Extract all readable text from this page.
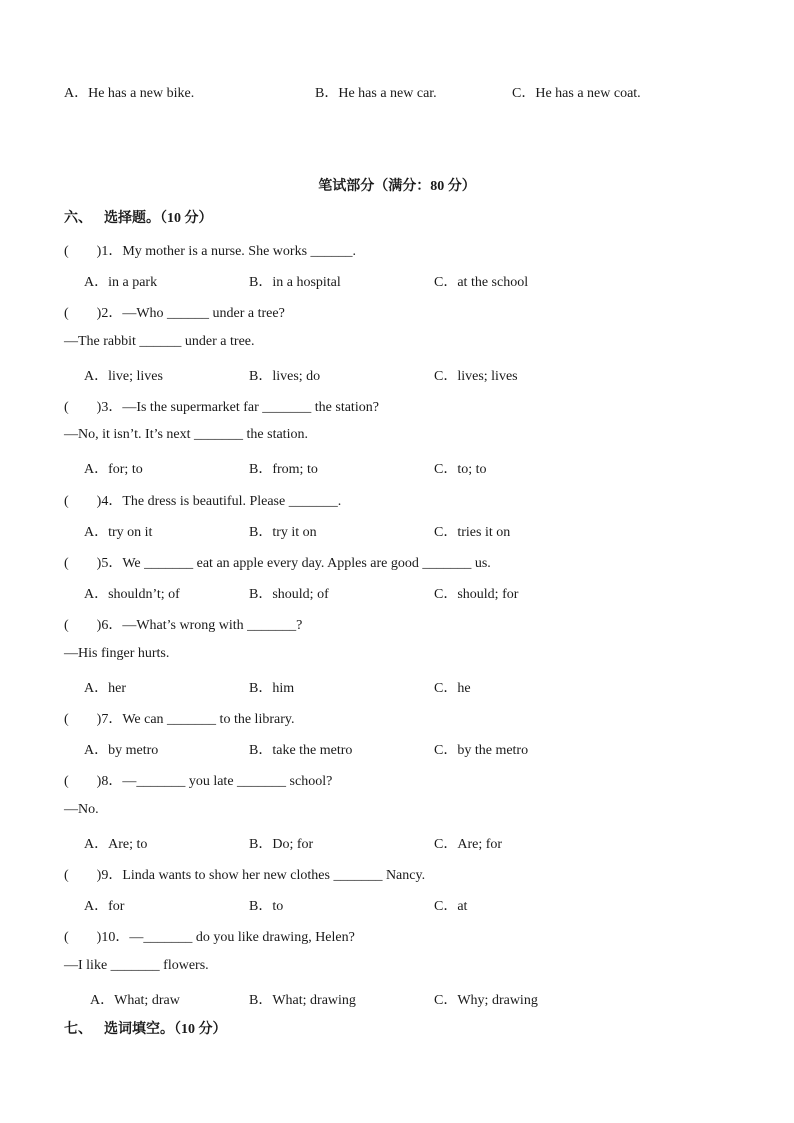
A．He has a new bike.	B．He has a new car.	C．He has a new coat.
笔试部分（满分：80 分）
六、 选择题。（10 分）
(　　)1．My mother is a nurse. She works ______.
A．in a park	B．in a hospital	C．at the school
(　　)2．—Who ______ under a tree?
—The rabbit ______ under a tree.
A．live; lives	B．lives; do	C．lives; lives
(　　)3．—Is the supermarket far _______ the station?
—No, it isn’t. It’s next _______ the station.
A．for; to	B．from; to	C．to; to
(　　)4．The dress is beautiful. Please _______.
A．try on it	B．try it on	C．tries it on
(　　)5．We _______ eat an apple every day. Apples are good _______ us.
A．shouldn’t; of	B．should; of	C．should; for
(　　)6．—What’s wrong with _______?
—His finger hurts.
A．her	B．him	C．he
(　　)7．We can _______ to the library.
A．by metro	B．take the metro	C．by the metro
(　　)8．—_______ you late _______ school?
—No.
A．Are; to	B．Do; for	C．Are; for
(　　)9．Linda wants to show her new clothes _______ Nancy.
A．for	B．to	C．at
(　　)10．—_______ do you like drawing, Helen?
—I like _______ flowers.
A．What; draw	B．What; drawing	C．Why; drawing
七、 选词填空。（10 分）
